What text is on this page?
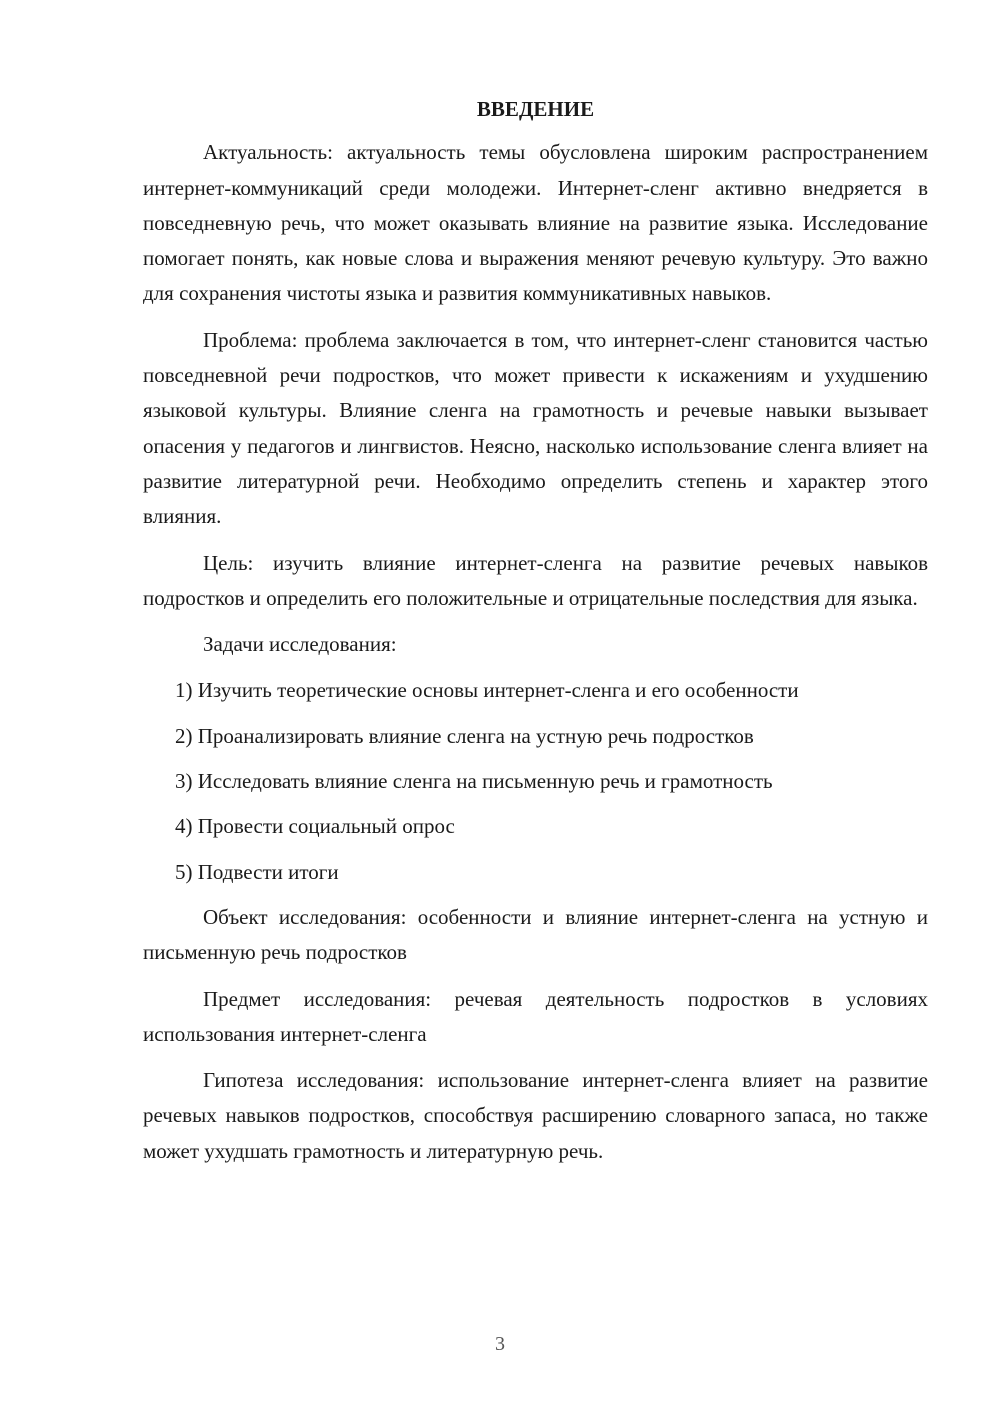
ВВЕДЕНИЕ

Актуальность: актуальность темы обусловлена широким распространением интернет-коммуникаций среди молодежи. Интернет-сленг активно внедряется в повседневную речь, что может оказывать влияние на развитие языка. Исследование помогает понять, как новые слова и выражения меняют речевую культуру. Это важно для сохранения чистоты языка и развития коммуникативных навыков.

Проблема: проблема заключается в том, что интернет-сленг становится частью повседневной речи подростков, что может привести к искажениям и ухудшению языковой культуры. Влияние сленга на грамотность и речевые навыки вызывает опасения у педагогов и лингвистов. Неясно, насколько использование сленга влияет на развитие литературной речи. Необходимо определить степень и характер этого влияния.

Цель: изучить влияние интернет-сленга на развитие речевых навыков подростков и определить его положительные и отрицательные последствия для языка.

Задачи исследования:

1) Изучить теоретические основы интернет-сленга и его особенности
2) Проанализировать влияние сленга на устную речь подростков
3) Исследовать влияние сленга на письменную речь и грамотность
4) Провести социальный опрос
5) Подвести итоги

Объект исследования: особенности и влияние интернет-сленга на устную и письменную речь подростков

Предмет исследования: речевая деятельность подростков в условиях использования интернет-сленга

Гипотеза исследования: использование интернет-сленга влияет на развитие речевых навыков подростков, способствуя расширению словарного запаса, но также может ухудшать грамотность и литературную речь.

3
